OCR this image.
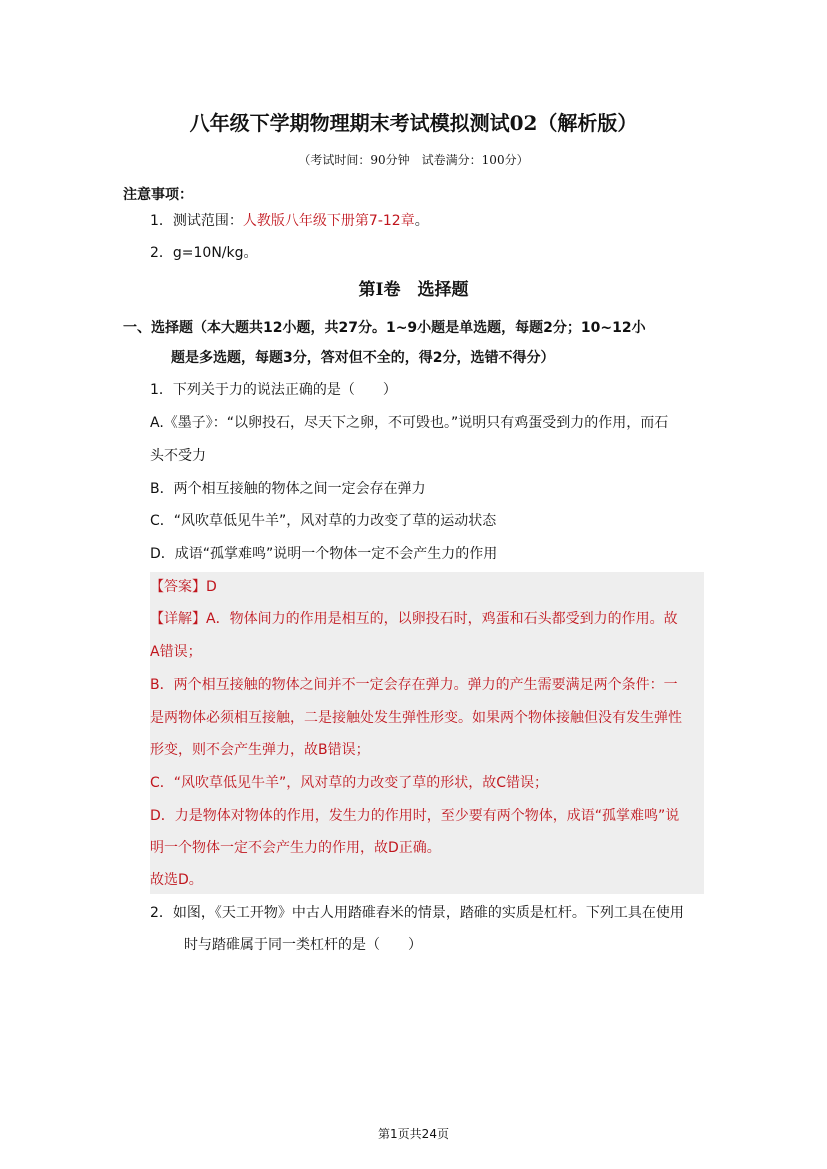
八年级下学期物理期末考试模拟测试02（解析版）
（考试时间：90分钟　试卷满分：100分）
注意事项：
1．测试范围：人教版八年级下册第7-12章。
2．g=10N/kg。
第Ⅰ卷　选择题
一、选择题（本大题共12小题，共27分。1~9小题是单选题，每题2分；10~12小
题是多选题，每题3分，答对但不全的，得2分，选错不得分）
1．下列关于力的说法正确的是（　　）
A.《墨子》：“以卵投石，尽天下之卵，不可毁也。”说明只有鸡蛋受到力的作用，而石
头不受力
B．两个相互接触的物体之间一定会存在弹力
C．“风吹草低见牛羊”，风对草的力改变了草的运动状态
D．成语“孤掌难鸣”说明一个物体一定不会产生力的作用
【答案】D
【详解】A．物体间力的作用是相互的，以卵投石时，鸡蛋和石头都受到力的作用。故
A错误；
B．两个相互接触的物体之间并不一定会存在弹力。弹力的产生需要满足两个条件：一
是两物体必须相互接触，二是接触处发生弹性形变。如果两个物体接触但没有发生弹性
形变，则不会产生弹力，故B错误；
C．“风吹草低见牛羊”，风对草的力改变了草的形状，故C错误；
D．力是物体对物体的作用，发生力的作用时，至少要有两个物体，成语“孤掌难鸣”说
明一个物体一定不会产生力的作用，故D正确。
故选D。
2．如图，《天工开物》中古人用踏碓舂米的情景，踏碓的实质是杠杆。下列工具在使用
时与踏碓属于同一类杠杆的是（　　）
第1页共24页
